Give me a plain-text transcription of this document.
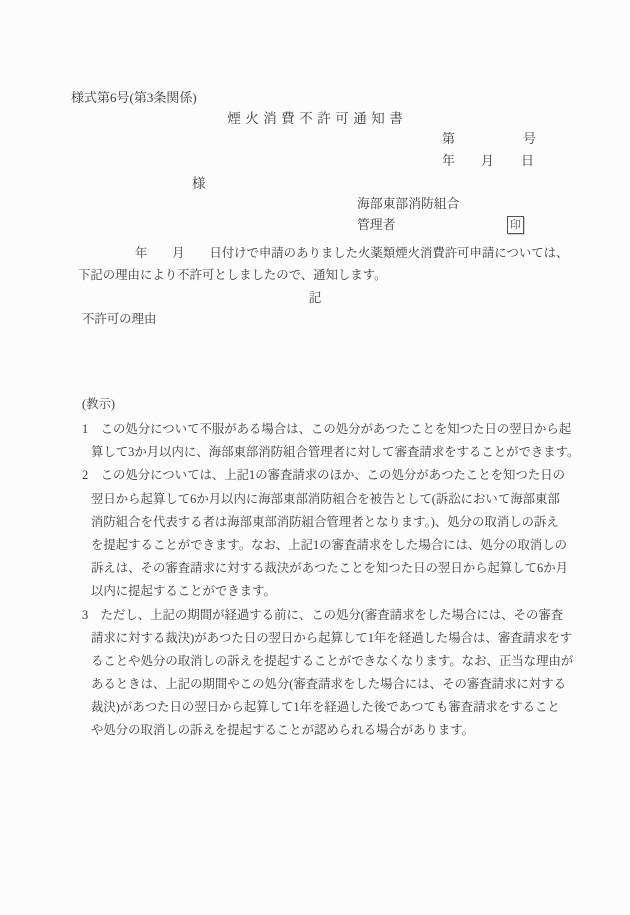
様式第6号(第3条関係)
煙火消費不許可通知書
第	号
年 月 日
様
海部東部消防組合
管理者	印
年　　月　　日付けで申請のありました火薬類煙火消費許可申請については、
下記の理由により不許可としましたので、通知します。
記
不許可の理由
(教示)
1　この処分について不服がある場合は、この処分があつたことを知つた日の翌日から起
算して3か月以内に、海部東部消防組合管理者に対して審査請求をすることができます。
2　この処分については、上記1の審査請求のほか、この処分があつたことを知つた日の
翌日から起算して6か月以内に海部東部消防組合を被告として(訴訟において海部東部
消防組合を代表する者は海部東部消防組合管理者となります。)、処分の取消しの訴え
を提起することができます。なお、上記1の審査請求をした場合には、処分の取消しの
訴えは、その審査請求に対する裁決があつたことを知つた日の翌日から起算して6か月
以内に提起することができます。
3　ただし、上記の期間が経過する前に、この処分(審査請求をした場合には、その審査
請求に対する裁決)があつた日の翌日から起算して1年を経過した場合は、審査請求をす
ることや処分の取消しの訴えを提起することができなくなります。なお、正当な理由が
あるときは、上記の期間やこの処分(審査請求をした場合には、その審査請求に対する
裁決)があつた日の翌日から起算して1年を経過した後であつても審査請求をすること
や処分の取消しの訴えを提起することが認められる場合があります。
